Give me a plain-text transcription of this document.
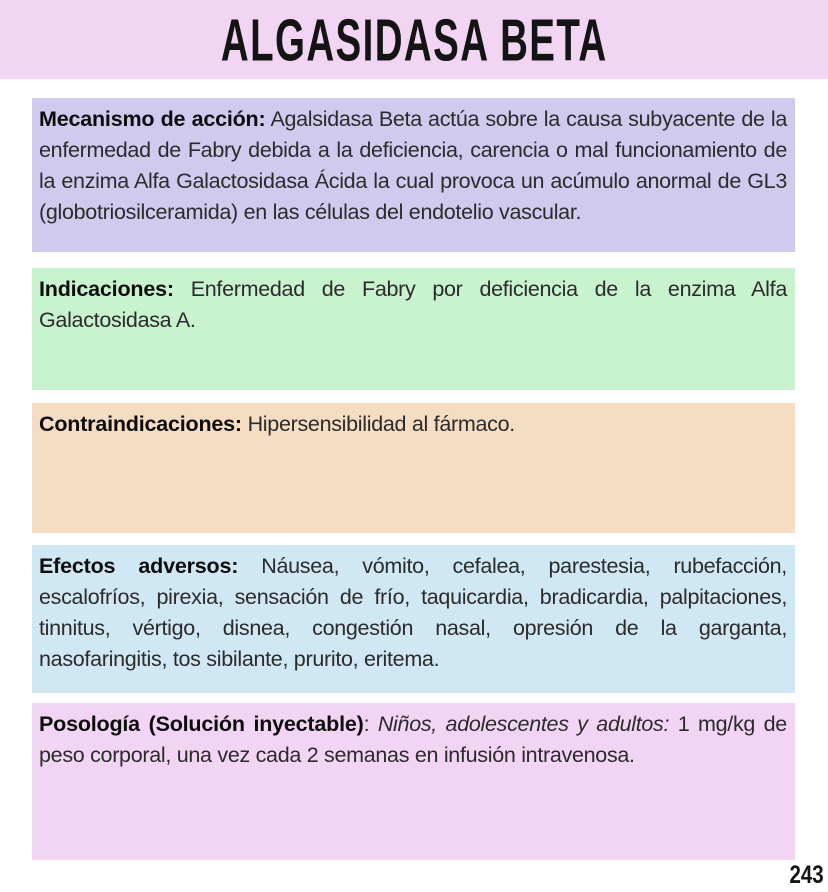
ALGASIDASA BETA
Mecanismo de acción: Agalsidasa Beta actúa sobre la causa subyacente de la enfermedad de Fabry debida a la deficiencia, carencia o mal funcionamiento de la enzima Alfa Galactosidasa Ácida la cual provoca un acúmulo anormal de GL3 (globotriosilceramida) en las células del endotelio vascular.
Indicaciones: Enfermedad de Fabry por deficiencia de la enzima Alfa Galactosidasa A.
Contraindicaciones: Hipersensibilidad al fármaco.
Efectos adversos: Náusea, vómito, cefalea, parestesia, rubefacción, escalofríos, pirexia, sensación de frío, taquicardia, bradicardia, palpitaciones, tinnitus, vértigo, disnea, congestión nasal, opresión de la garganta, nasofaringitis, tos sibilante, prurito, eritema.
Posología (Solución inyectable): Niños, adolescentes y adultos: 1 mg/kg de peso corporal, una vez cada 2 semanas en infusión intravenosa.
243
